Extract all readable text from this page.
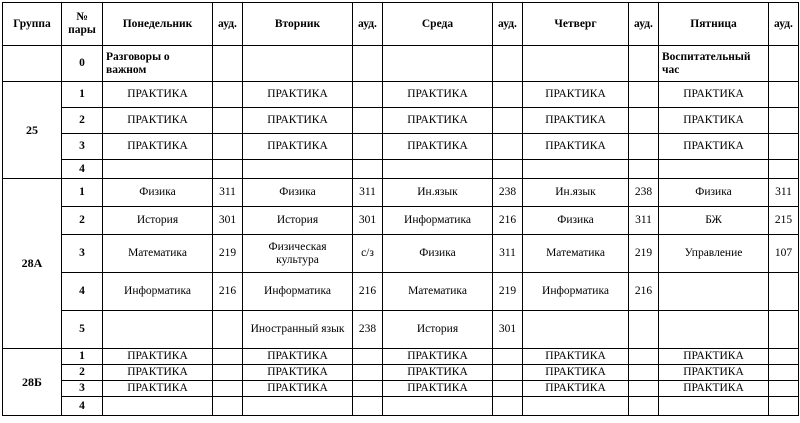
Группа	№ пары	Понедельник	ауд.	Вторник	ауд.	Среда	ауд.	Четверг	ауд.	Пятница	ауд.
	0	Разговоры о важном								Воспитательный час	
25	1	ПРАКТИКА		ПРАКТИКА		ПРАКТИКА		ПРАКТИКА		ПРАКТИКА	
	2	ПРАКТИКА		ПРАКТИКА		ПРАКТИКА		ПРАКТИКА		ПРАКТИКА	
	3	ПРАКТИКА		ПРАКТИКА		ПРАКТИКА		ПРАКТИКА		ПРАКТИКА	
	4										
28А	1	Физика	311	Физика	311	Ин.язык	238	Ин.язык	238	Физика	311
	2	История	301	История	301	Информатика	216	Физика	311	БЖ	215
	3	Математика	219	Физическая культура	с/з	Физика	311	Математика	219	Управление	107
	4	Информатика	216	Информатика	216	Математика	219	Информатика	216		
	5			Иностранный язык	238	История	301				
28Б	1	ПРАКТИКА		ПРАКТИКА		ПРАКТИКА		ПРАКТИКА		ПРАКТИКА	
	2	ПРАКТИКА		ПРАКТИКА		ПРАКТИКА		ПРАКТИКА		ПРАКТИКА	
	3	ПРАКТИКА		ПРАКТИКА		ПРАКТИКА		ПРАКТИКА		ПРАКТИКА	
	4										
